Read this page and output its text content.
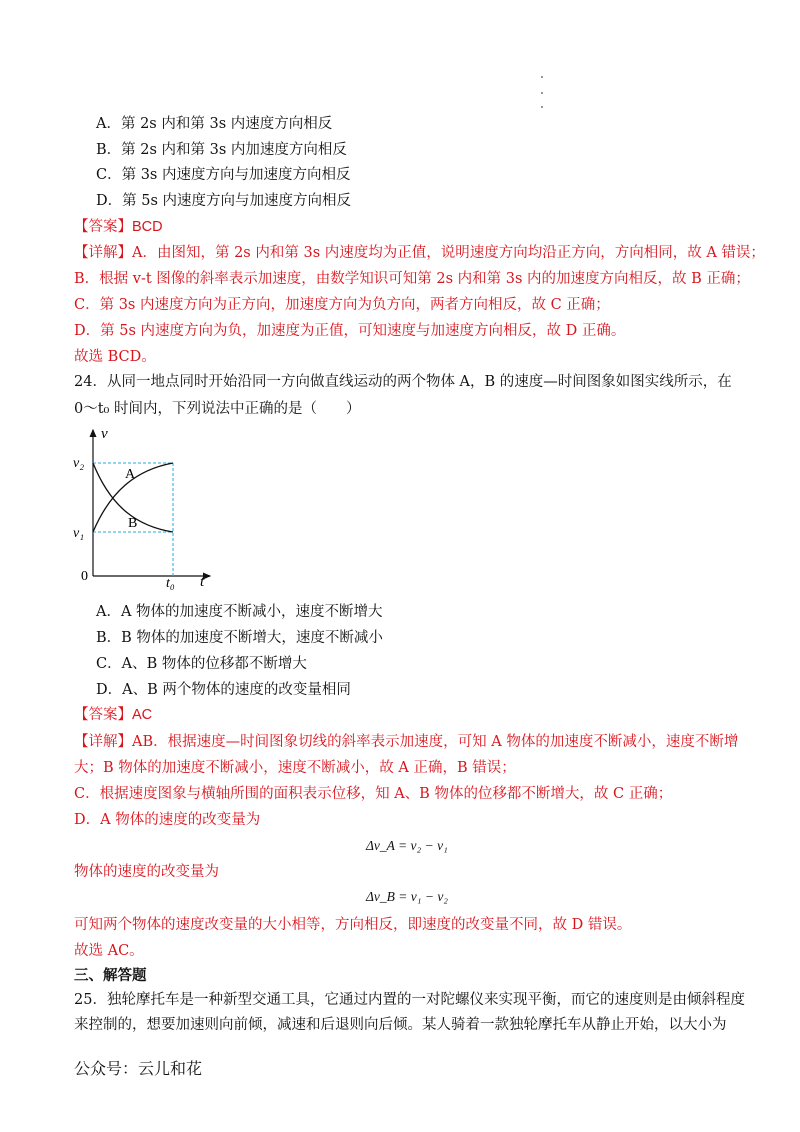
A．第 2s 内和第 3s 内速度方向相反
B．第 2s 内和第 3s 内加速度方向相反
C．第 3s 内速度方向与加速度方向相反
D．第 5s 内速度方向与加速度方向相反
【答案】BCD
【详解】A．由图知，第 2s 内和第 3s 内速度均为正值，说明速度方向均沿正方向，方向相同，故 A 错误；
B．根据 v-t 图像的斜率表示加速度，由数学知识可知第 2s 内和第 3s 内的加速度方向相反，故 B 正确；
C．第 3s 内速度方向为正方向，加速度方向为负方向，两者方向相反，故 C 正确；
D．第 5s 内速度方向为负，加速度为正值，可知速度与加速度方向相反，故 D 正确。
故选 BCD。
24．从同一地点同时开始沿同一方向做直线运动的两个物体 A，B 的速度—时间图象如图实线所示，在
0～t₀ 时间内，下列说法中正确的是（　　）
v
t
v₂
v₁
0	t₀
A
B
A．A 物体的加速度不断减小，速度不断增大
B．B 物体的加速度不断增大，速度不断减小
C．A、B 物体的位移都不断增大
D．A、B 两个物体的速度的改变量相同
【答案】AC
【详解】AB．根据速度—时间图象切线的斜率表示加速度，可知 A 物体的加速度不断减小，速度不断增
大；B 物体的加速度不断减小，速度不断减小，故 A 正确，B 错误；
C．根据速度图象与横轴所围的面积表示位移，知 A、B 物体的位移都不断增大，故 C 正确；
D．A 物体的速度的改变量为
Δv_A = v₂ − v₁
物体的速度的改变量为
Δv_B = v₁ − v₂
可知两个物体的速度改变量的大小相等，方向相反，即速度的改变量不同，故 D 错误。
故选 AC。
三、解答题
25．独轮摩托车是一种新型交通工具，它通过内置的一对陀螺仪来实现平衡，而它的速度则是由倾斜程度
来控制的，想要加速则向前倾，减速和后退则向后倾。某人骑着一款独轮摩托车从静止开始，以大小为
公众号：云儿和花
